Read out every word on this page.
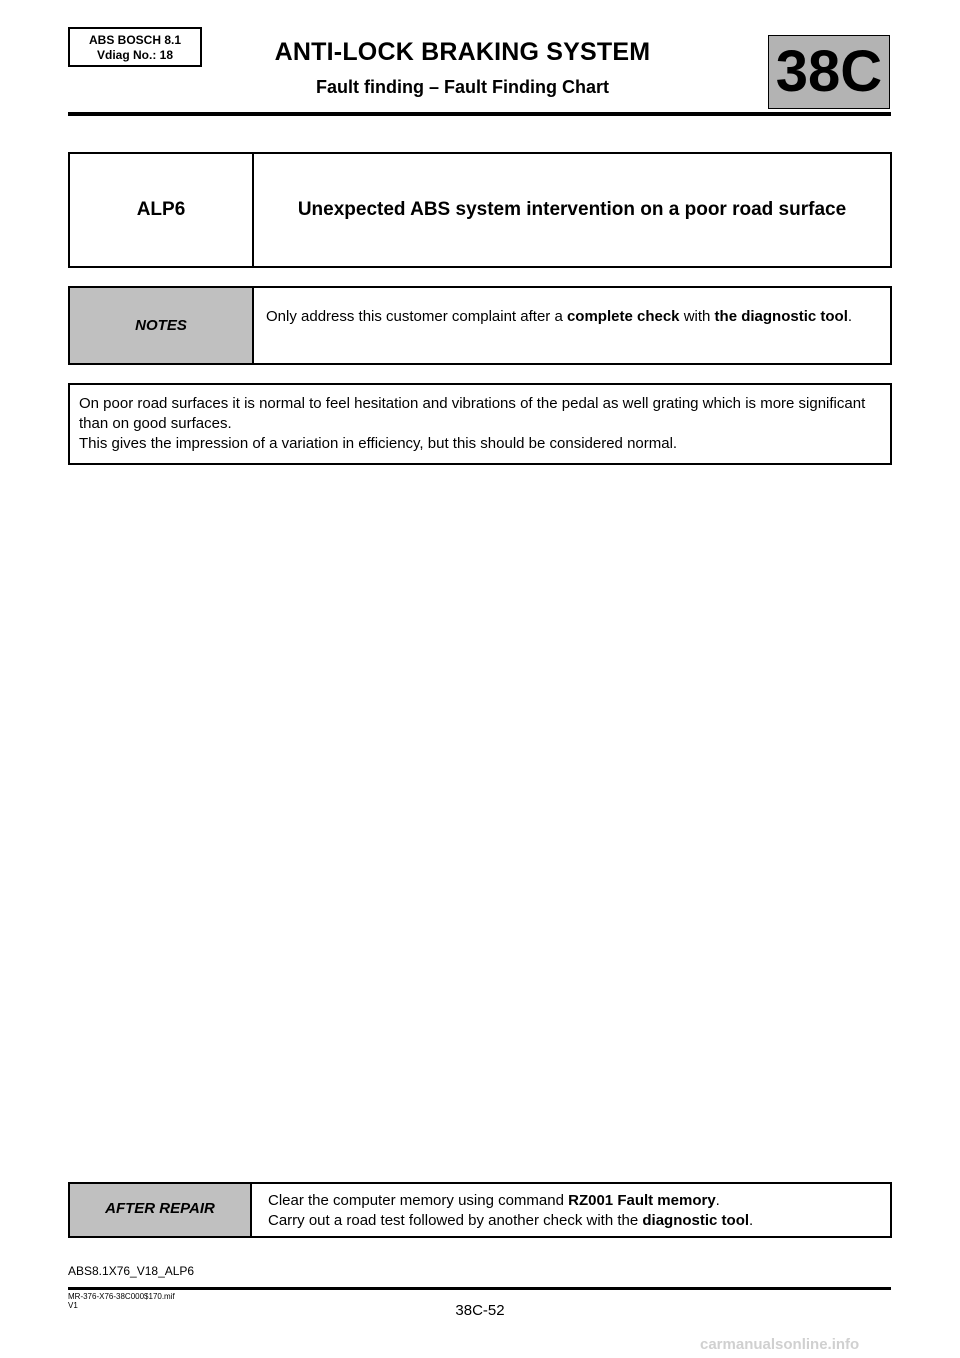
ABS BOSCH 8.1
Vdiag No.: 18	ANTI-LOCK BRAKING SYSTEM
Fault finding – Fault Finding Chart	38C
ALP6	Unexpected ABS system intervention on a poor road surface
NOTES
Only address this customer complaint after a complete check with the diagnostic tool.
On poor road surfaces it is normal to feel hesitation and vibrations of the pedal as well grating which is more significant than on good surfaces.
This gives the impression of a variation in efficiency, but this should be considered normal.
AFTER REPAIR	Clear the computer memory using command RZ001 Fault memory.
Carry out a road test followed by another check with the diagnostic tool.
ABS8.1X76_V18_ALP6
MR-376-X76-38C000$170.mif
V1	38C-52
carmanualsonline.info
